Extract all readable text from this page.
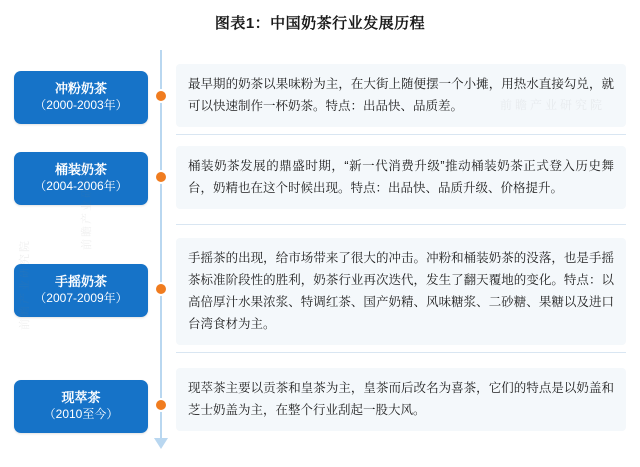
图表1：中国奶茶行业发展历程
冲粉奶茶
（2000-2003年）
最早期的奶茶以果味粉为主，在大街上随便摆一个小摊，用热水直接勾兑，就可以快速制作一杯奶茶。特点：出品快、品质差。
桶装奶茶
（2004-2006年）
桶装奶茶发展的鼎盛时期，“新一代消费升级”推动桶装奶茶正式登入历史舞台，奶精也在这个时候出现。特点：出品快、品质升级、价格提升。
手摇奶茶
（2007-2009年）
手摇茶的出现，给市场带来了很大的冲击。冲粉和桶装奶茶的没落，也是手摇茶标准阶段性的胜利，奶茶行业再次迭代，发生了翻天覆地的变化。特点：以高倍厚汁水果浓浆、特调红茶、国产奶精、风味糖浆、二砂糖、果糖以及进口台湾食材为主。
现萃茶
（2010至今）
现萃茶主要以贡茶和皇茶为主，皇茶而后改名为喜茶，它们的特点是以奶盖和芝士奶盖为主，在整个行业刮起一股大风。
